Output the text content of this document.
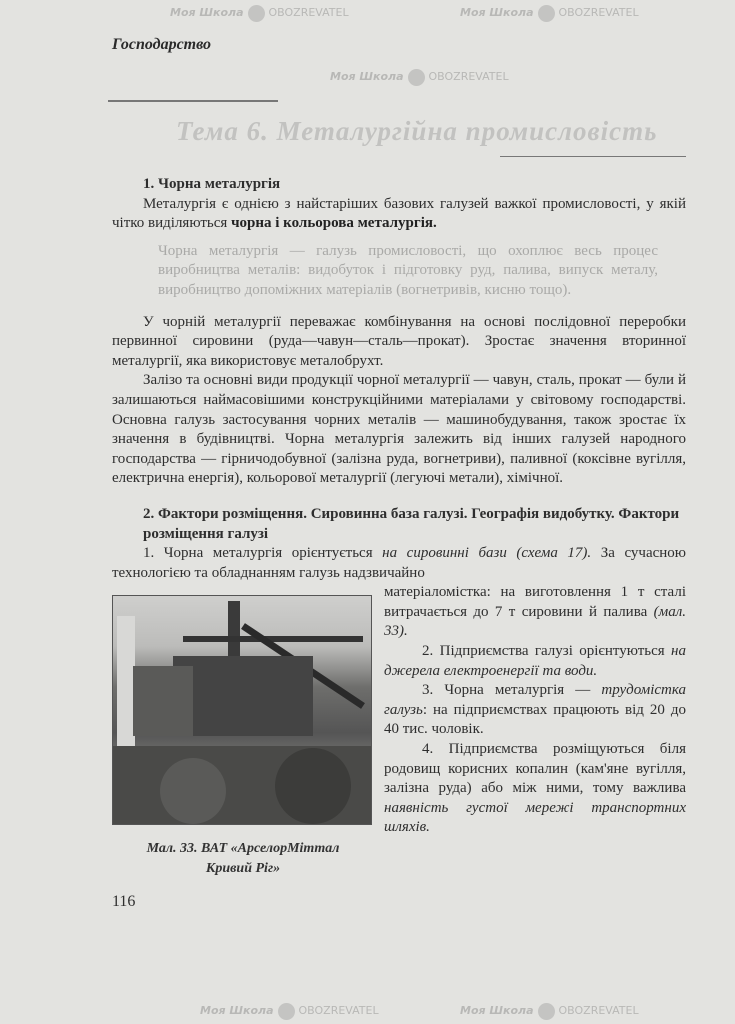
Господарство
Тема 6. Металургійна промисловість
1. Чорна металургія
Металургія є однією з найстаріших базових галузей важкої промисловості, у якій чітко виділяються чорна і кольорова металургія.
Чорна металургія — галузь промисловості, що охоплює весь процес виробництва металів: видобуток і підготовку руд, палива, випуск металу, виробництво допоміжних матеріалів (вогнетривів, кисню тощо).
У чорній металургії переважає комбінування на основі послідовної переробки первинної сировини (руда—чавун—сталь—прокат). Зростає значення вторинної металургії, яка використовує металобрухт.
Залізо та основні види продукції чорної металургії — чавун, сталь, прокат — були й залишаються наймасовішими конструкційними матеріалами у світовому господарстві. Основна галузь застосування чорних металів — машинобудування, також зростає їх значення в будівництві. Чорна металургія залежить від інших галузей народного господарства — гірничодобувної (залізна руда, вогнетриви), паливної (коксівне вугілля, електрична енергія), кольорової металургії (легуючі метали), хімічної.
2. Фактори розміщення. Сировинна база галузі. Географія видобутку. Фактори розміщення галузі
1. Чорна металургія орієнтується на сировинні бази (схема 17). За сучасною технологією та обладнанням галузь надзвичайно
Мал. 33. ВАТ «АрселорМіттал
Кривий Ріг»
матеріаломістка: на виготовлення 1 т сталі витрачається до 7 т сировини й палива (мал. 33).
2. Підприємства галузі орієнтуються на джерела електроенергії та води.
3. Чорна металургія — трудомістка галузь: на підприємствах працюють від 20 до 40 тис. чоловік.
4. Підприємства розміщуються біля родовищ корисних копалин (кам'яне вугілля, залізна руда) або між ними, тому важлива наявність густої мережі транспортних шляхів.
116
Моя Школа OBOZREVATEL	Моя Школа OBOZREVATEL
Моя Школа OBOZREVATEL
Моя Школа OBOZREVATEL	Моя Школа OBOZREVATEL
